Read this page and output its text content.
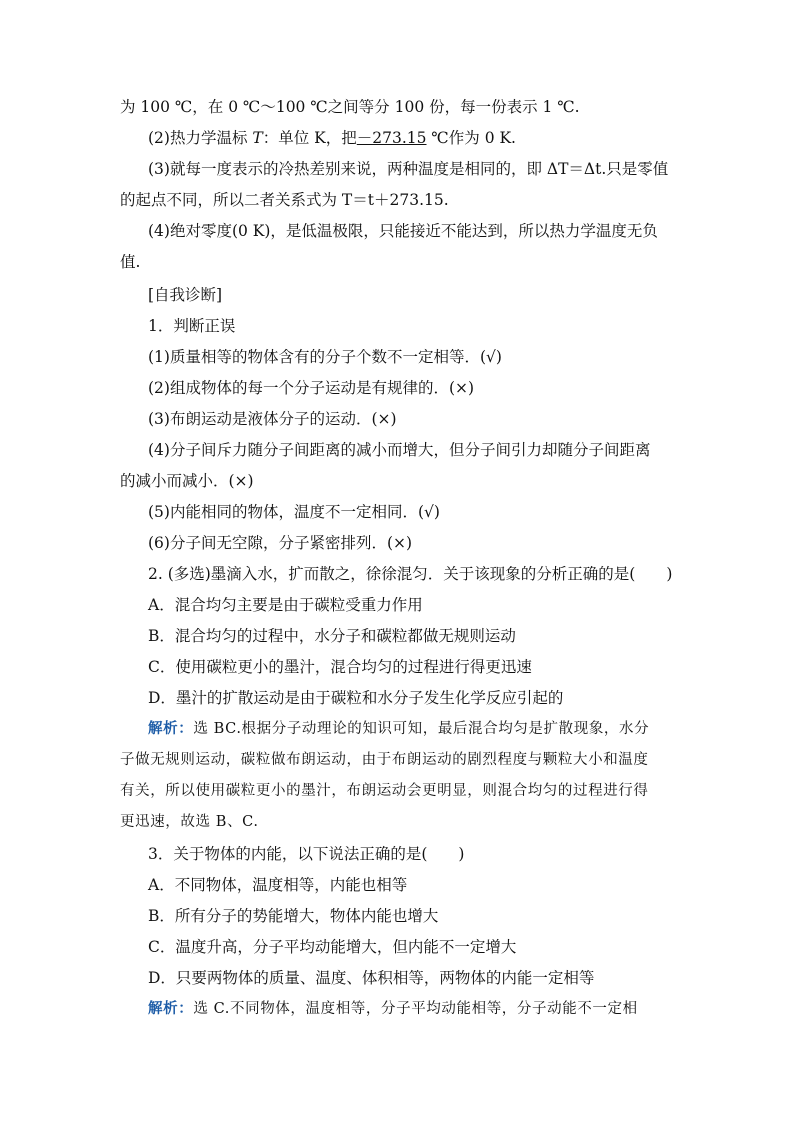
为 100 ℃，在 0 ℃～100 ℃之间等分 100 份，每一份表示 1 ℃.
(2)热力学温标 T：单位 K，把－273.15 ℃作为 0 K.
(3)就每一度表示的冷热差别来说，两种温度是相同的，即 ΔT＝Δt.只是零值
的起点不同，所以二者关系式为 T＝t＋273.15.
(4)绝对零度(0 K)，是低温极限，只能接近不能达到，所以热力学温度无负
值.
[自我诊断]
1．判断正误
(1)质量相等的物体含有的分子个数不一定相等．(√)
(2)组成物体的每一个分子运动是有规律的．(×)
(3)布朗运动是液体分子的运动．(×)
(4)分子间斥力随分子间距离的减小而增大，但分子间引力却随分子间距离
的减小而减小．(×)
(5)内能相同的物体，温度不一定相同．(√)
(6)分子间无空隙，分子紧密排列．(×)
2. (多选)墨滴入水，扩而散之，徐徐混匀．关于该现象的分析正确的是(　　)
A．混合均匀主要是由于碳粒受重力作用
B．混合均匀的过程中，水分子和碳粒都做无规则运动
C．使用碳粒更小的墨汁，混合均匀的过程进行得更迅速
D．墨汁的扩散运动是由于碳粒和水分子发生化学反应引起的
解析：选 BC.根据分子动理论的知识可知，最后混合均匀是扩散现象，水分
子做无规则运动，碳粒做布朗运动，由于布朗运动的剧烈程度与颗粒大小和温度
有关，所以使用碳粒更小的墨汁，布朗运动会更明显，则混合均匀的过程进行得
更迅速，故选 B、C.
3．关于物体的内能，以下说法正确的是(　　)
A．不同物体，温度相等，内能也相等
B．所有分子的势能增大，物体内能也增大
C．温度升高，分子平均动能增大，但内能不一定增大
D．只要两物体的质量、温度、体积相等，两物体的内能一定相等
解析：选 C.不同物体，温度相等，分子平均动能相等，分子动能不一定相
